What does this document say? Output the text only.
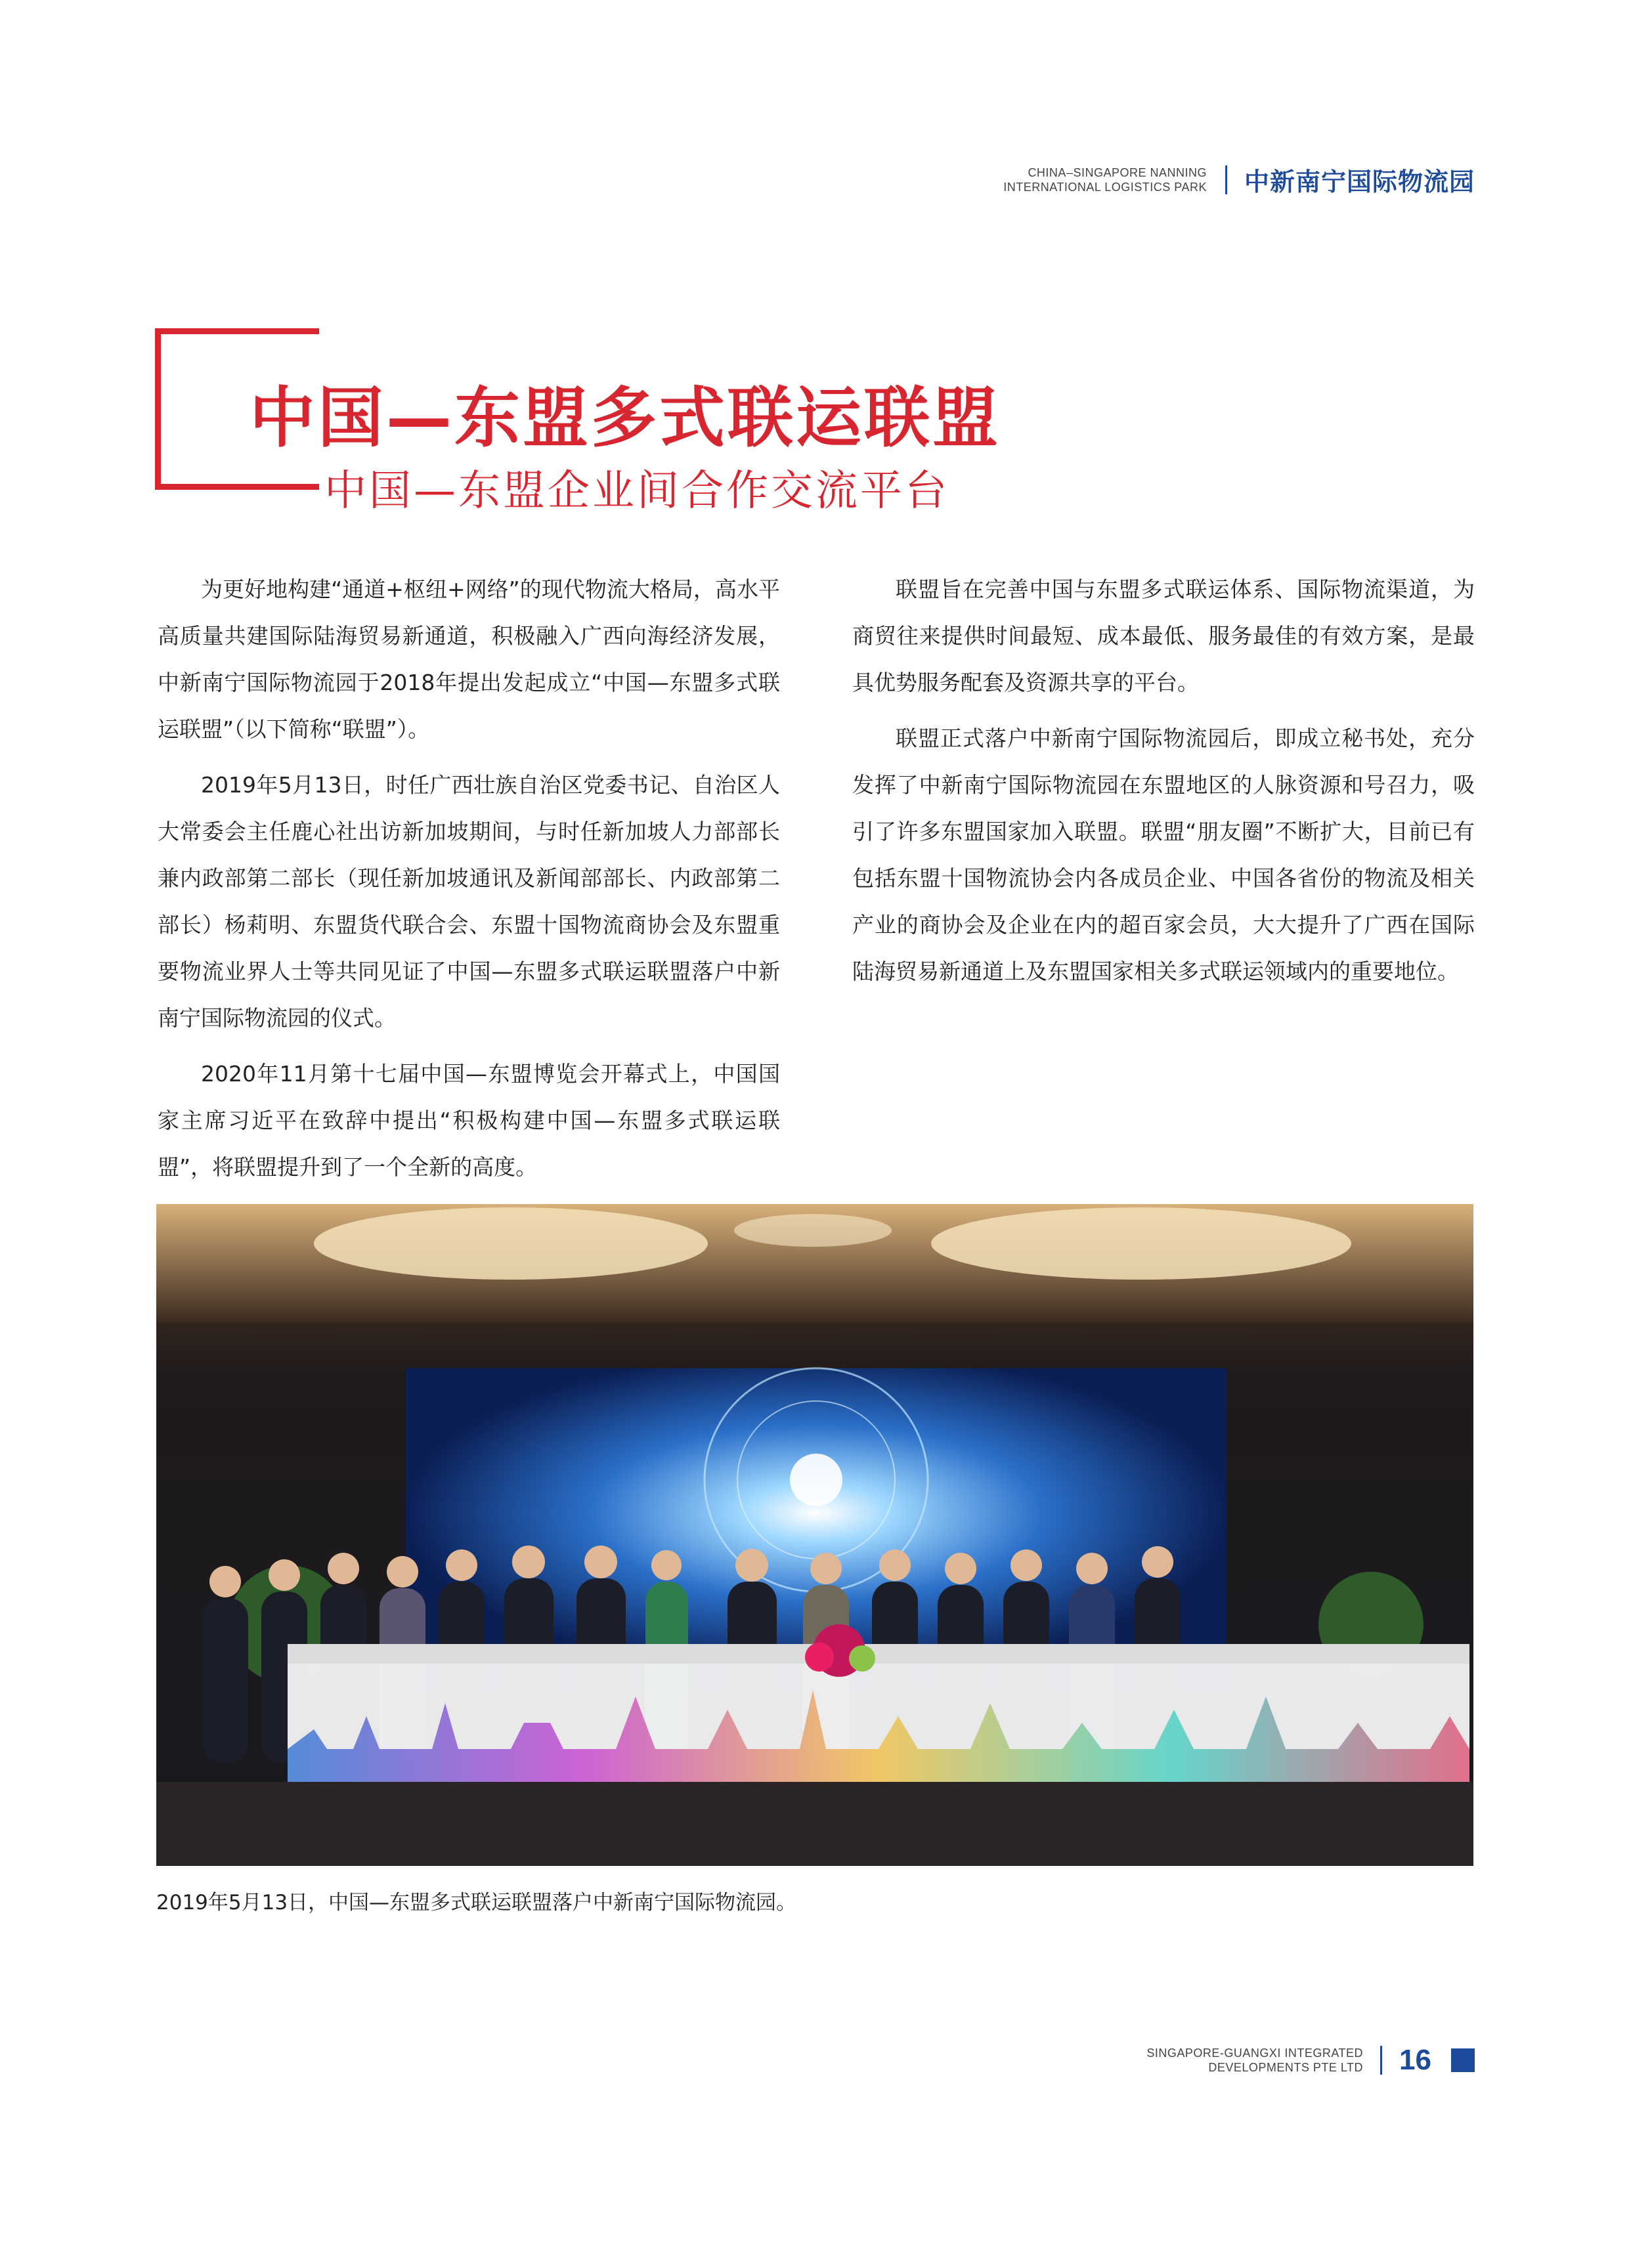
CHINA–SINGAPORE NANNING
INTERNATIONAL LOGISTICS PARK 中新南宁国际物流园
中国—东盟多式联运联盟
中国—东盟企业间合作交流平台

为更好地构建“通道+枢纽+网络”的现代物流大格局，高水平高质量共建国际陆海贸易新通道，积极融入广西向海经济发展，中新南宁国际物流园于2018年提出发起成立“中国—东盟多式联运联盟”（以下简称“联盟”）。

2019年5月13日，时任广西壮族自治区党委书记、自治区人大常委会主任鹿心社出访新加坡期间，与时任新加坡人力部部长兼内政部第二部长（现任新加坡通讯及新闻部部长、内政部第二部长）杨莉明、东盟货代联合会、东盟十国物流商协会及东盟重要物流业界人士等共同见证了中国—东盟多式联运联盟落户中新南宁国际物流园的仪式。

2020年11月第十七届中国—东盟博览会开幕式上，中国国家主席习近平在致辞中提出“积极构建中国—东盟多式联运联盟”，将联盟提升到了一个全新的高度。

联盟旨在完善中国与东盟多式联运体系、国际物流渠道，为商贸往来提供时间最短、成本最低、服务最佳的有效方案，是最具优势服务配套及资源共享的平台。

联盟正式落户中新南宁国际物流园后，即成立秘书处，充分发挥了中新南宁国际物流园在东盟地区的人脉资源和号召力，吸引了许多东盟国家加入联盟。联盟“朋友圈”不断扩大，目前已有包括东盟十国物流协会内各成员企业、中国各省份的物流及相关产业的商协会及企业在内的超百家会员，大大提升了广西在国际陆海贸易新通道上及东盟国家相关多式联运领域内的重要地位。

2019年5月13日，中国—东盟多式联运联盟落户中新南宁国际物流园。
SINGAPORE-GUANGXI INTEGRATED
DEVELOPMENTS PTE LTD 16
